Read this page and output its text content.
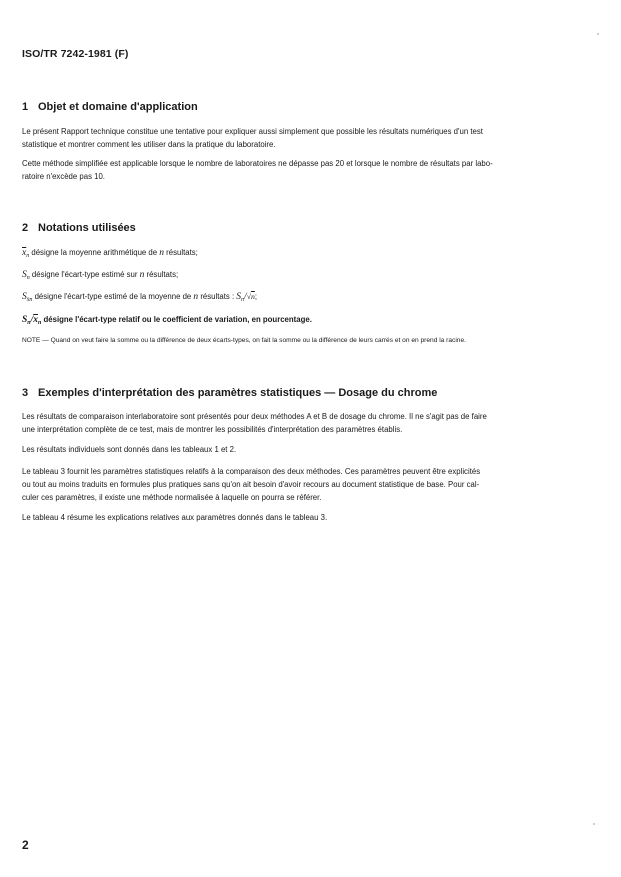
ISO/TR 7242-1981 (F)
1 Objet et domaine d'application
Le présent Rapport technique constitue une tentative pour expliquer aussi simplement que possible les résultats numériques d'un test
statistique et montrer comment les utiliser dans la pratique du laboratoire.
Cette méthode simplifiée est applicable lorsque le nombre de laboratoires ne dépasse pas 20 et lorsque le nombre de résultats par labo-
ratoire n'excède pas 10.
2 Notations utilisées
$\overline{x}_n$ désigne la moyenne arithmétique de n résultats;
$S_n$ désigne l'écart-type estimé sur n résultats;
$S_{x̄n}$ désigne l'écart-type estimé de la moyenne de n résultats : $S_n/√n$;
$S_n/\overline{x}_n$ désigne l'écart-type relatif ou le coefficient de variation, en pourcentage.
NOTE — Quand on veut faire la somme ou la différence de deux écarts-types, on fait la somme ou la différence de leurs carrés et on en prend la racine.
3 Exemples d'interprétation des paramètres statistiques — Dosage du chrome
Les résultats de comparaison interlaboratoire sont présentés pour deux méthodes A et B de dosage du chrome. Il ne s'agit pas de faire
une interprétation complète de ce test, mais de montrer les possibilités d'interprétation des paramètres établis.
Les résultats individuels sont donnés dans les tableaux 1 et 2.
Le tableau 3 fournit les paramètres statistiques relatifs à la comparaison des deux méthodes. Ces paramètres peuvent être explicités
ou tout au moins traduits en formules plus pratiques sans qu'on ait besoin d'avoir recours au document statistique de base. Pour cal-
culer ces paramètres, il existe une méthode normalisée à laquelle on pourra se référer.
Le tableau 4 résume les explications relatives aux paramètres donnés dans le tableau 3.
2
